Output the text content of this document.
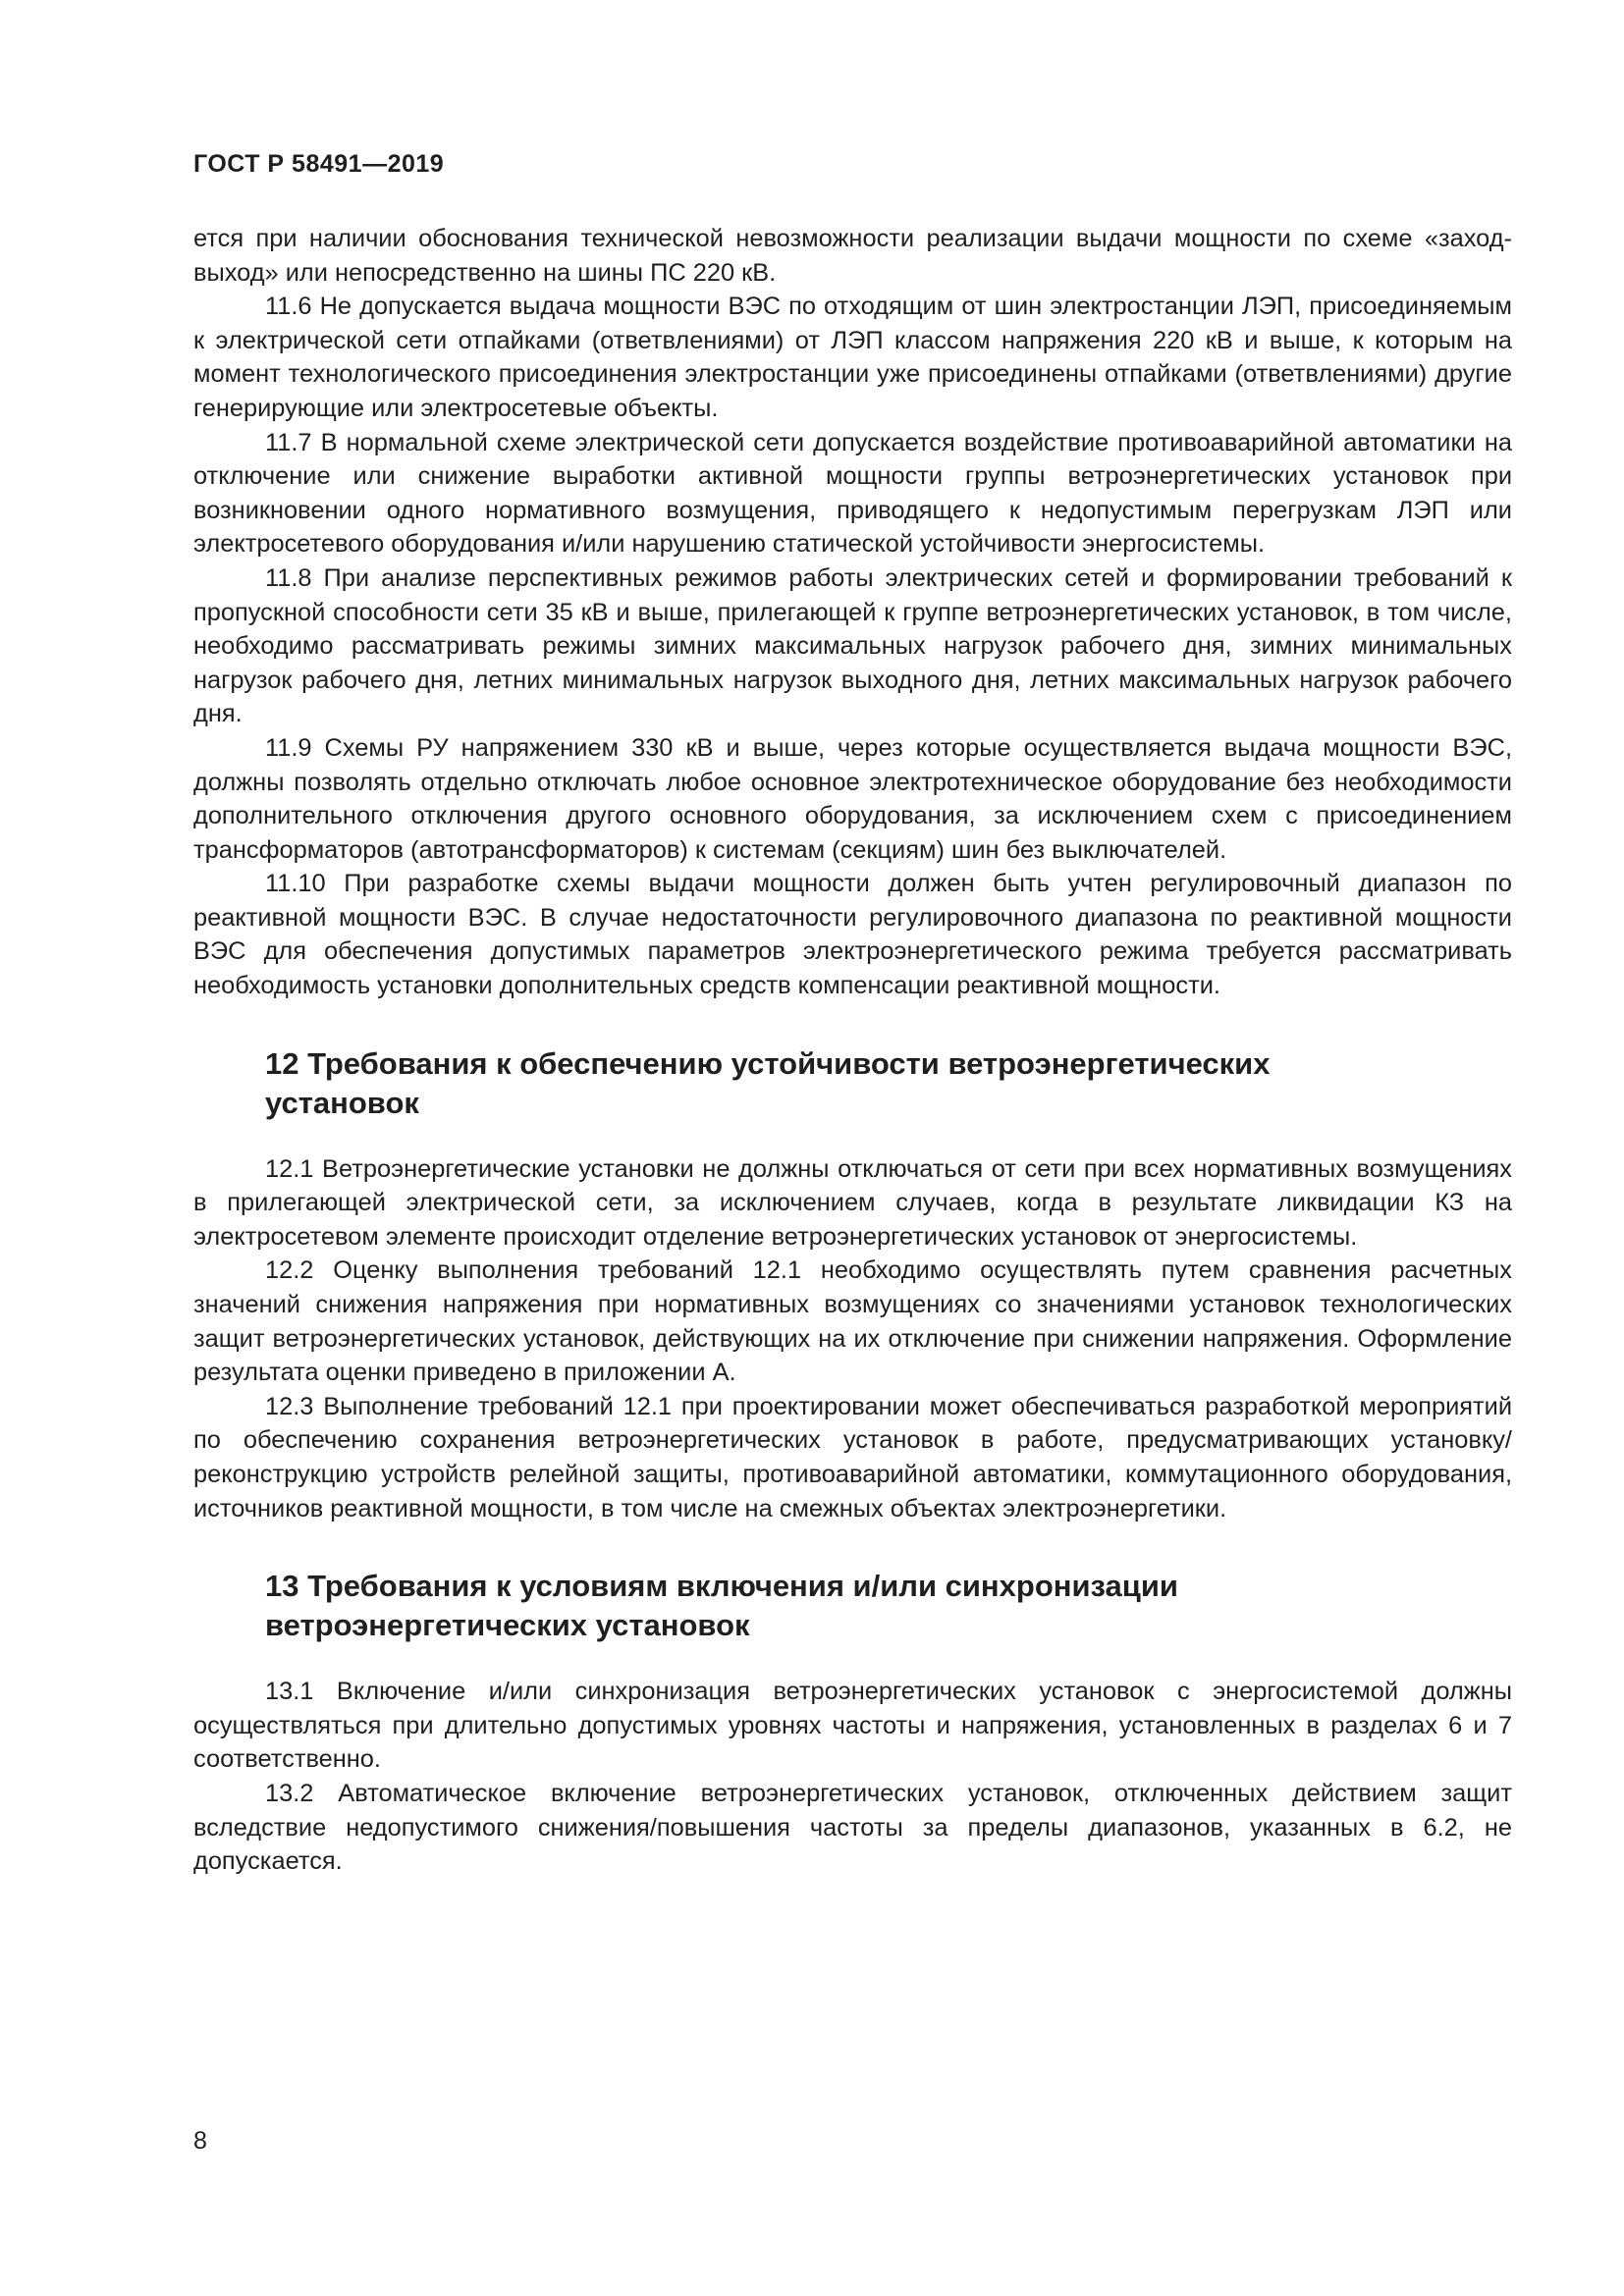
ГОСТ Р 58491—2019

ется при наличии обоснования технической невозможности реализации выдачи мощности по схеме «заход-выход» или непосредственно на шины ПС 220 кВ.

11.6 Не допускается выдача мощности ВЭС по отходящим от шин электростанции ЛЭП, присоединяемым к электрической сети отпайками (ответвлениями) от ЛЭП классом напряжения 220 кВ и выше, к которым на момент технологического присоединения электростанции уже присоединены отпайками (ответвлениями) другие генерирующие или электросетевые объекты.

11.7 В нормальной схеме электрической сети допускается воздействие противоаварийной автоматики на отключение или снижение выработки активной мощности группы ветроэнергетических установок при возникновении одного нормативного возмущения, приводящего к недопустимым перегрузкам ЛЭП или электросетевого оборудования и/или нарушению статической устойчивости энергосистемы.

11.8 При анализе перспективных режимов работы электрических сетей и формировании требований к пропускной способности сети 35 кВ и выше, прилегающей к группе ветроэнергетических установок, в том числе, необходимо рассматривать режимы зимних максимальных нагрузок рабочего дня, зимних минимальных нагрузок рабочего дня, летних минимальных нагрузок выходного дня, летних максимальных нагрузок рабочего дня.

11.9 Схемы РУ напряжением 330 кВ и выше, через которые осуществляется выдача мощности ВЭС, должны позволять отдельно отключать любое основное электротехническое оборудование без необходимости дополнительного отключения другого основного оборудования, за исключением схем с присоединением трансформаторов (автотрансформаторов) к системам (секциям) шин без выключателей.

11.10 При разработке схемы выдачи мощности должен быть учтен регулировочный диапазон по реактивной мощности ВЭС. В случае недостаточности регулировочного диапазона по реактивной мощности ВЭС для обеспечения допустимых параметров электроэнергетического режима требуется рассматривать необходимость установки дополнительных средств компенсации реактивной мощности.

12 Требования к обеспечению устойчивости ветроэнергетических установок

12.1 Ветроэнергетические установки не должны отключаться от сети при всех нормативных возмущениях в прилегающей электрической сети, за исключением случаев, когда в результате ликвидации КЗ на электросетевом элементе происходит отделение ветроэнергетических установок от энергосистемы.

12.2 Оценку выполнения требований 12.1 необходимо осуществлять путем сравнения расчетных значений снижения напряжения при нормативных возмущениях со значениями установок технологических защит ветроэнергетических установок, действующих на их отключение при снижении напряжения. Оформление результата оценки приведено в приложении А.

12.3 Выполнение требований 12.1 при проектировании может обеспечиваться разработкой мероприятий по обеспечению сохранения ветроэнергетических установок в работе, предусматривающих установку/реконструкцию устройств релейной защиты, противоаварийной автоматики, коммутационного оборудования, источников реактивной мощности, в том числе на смежных объектах электроэнергетики.

13 Требования к условиям включения и/или синхронизации ветроэнергетических установок

13.1 Включение и/или синхронизация ветроэнергетических установок с энергосистемой должны осуществляться при длительно допустимых уровнях частоты и напряжения, установленных в разделах 6 и 7 соответственно.

13.2 Автоматическое включение ветроэнергетических установок, отключенных действием защит вследствие недопустимого снижения/повышения частоты за пределы диапазонов, указанных в 6.2, не допускается.

8
